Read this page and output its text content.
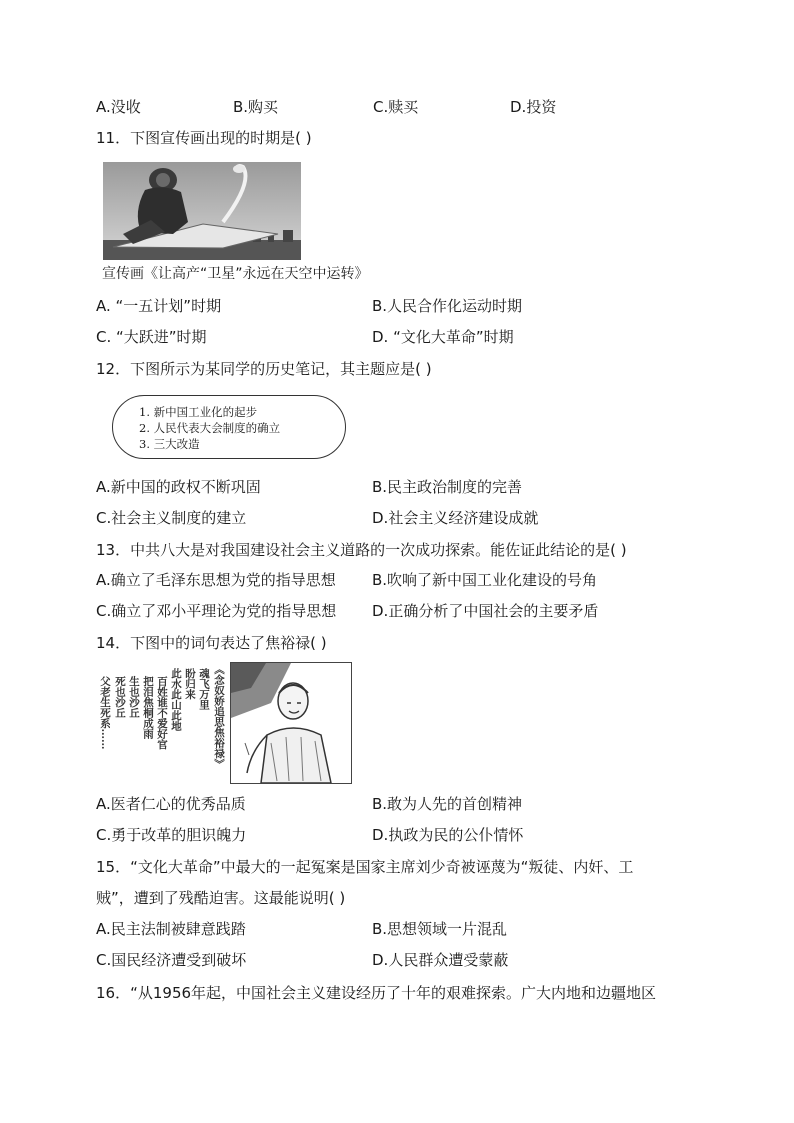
A.没收	B.购买	C.赎买	D.投资
11．下图宣传画出现的时期是( )
宣传画《让高产“卫星”永远在天空中运转》
A. “一五计划”时期	B.人民合作化运动时期
C. “大跃进”时期	D. “文化大革命”时期
12．下图所示为某同学的历史笔记，其主题应是( )
1. 新中国工业化的起步
2. 人民代表大会制度的确立
3. 三大改造
A.新中国的政权不断巩固	B.民主政治制度的完善
C.社会主义制度的建立	D.社会主义经济建设成就
13．中共八大是对我国建设社会主义道路的一次成功探索。能佐证此结论的是( )
A.确立了毛泽东思想为党的指导思想 B.吹响了新中国工业化建设的号角
C.确立了邓小平理论为党的指导思想 D.正确分析了中国社会的主要矛盾
14．下图中的词句表达了焦裕禄( )
《念奴娇追思焦裕禄》
魂飞万里
盼归来
此水此山此地
百姓谁不爱好官
把泪焦桐成雨
生也沙丘
死也沙丘
父老生死系……
A.医者仁心的优秀品质	B.敢为人先的首创精神
C.勇于改革的胆识魄力	D.执政为民的公仆情怀
15．“文化大革命”中最大的一起冤案是国家主席刘少奇被诬蔑为“叛徒、内奸、工
贼”，遭到了残酷迫害。这最能说明( )
A.民主法制被肆意践踏	B.思想领域一片混乱
C.国民经济遭受到破坏	D.人民群众遭受蒙蔽
16．“从1956年起，中国社会主义建设经历了十年的艰难探索。广大内地和边疆地区
